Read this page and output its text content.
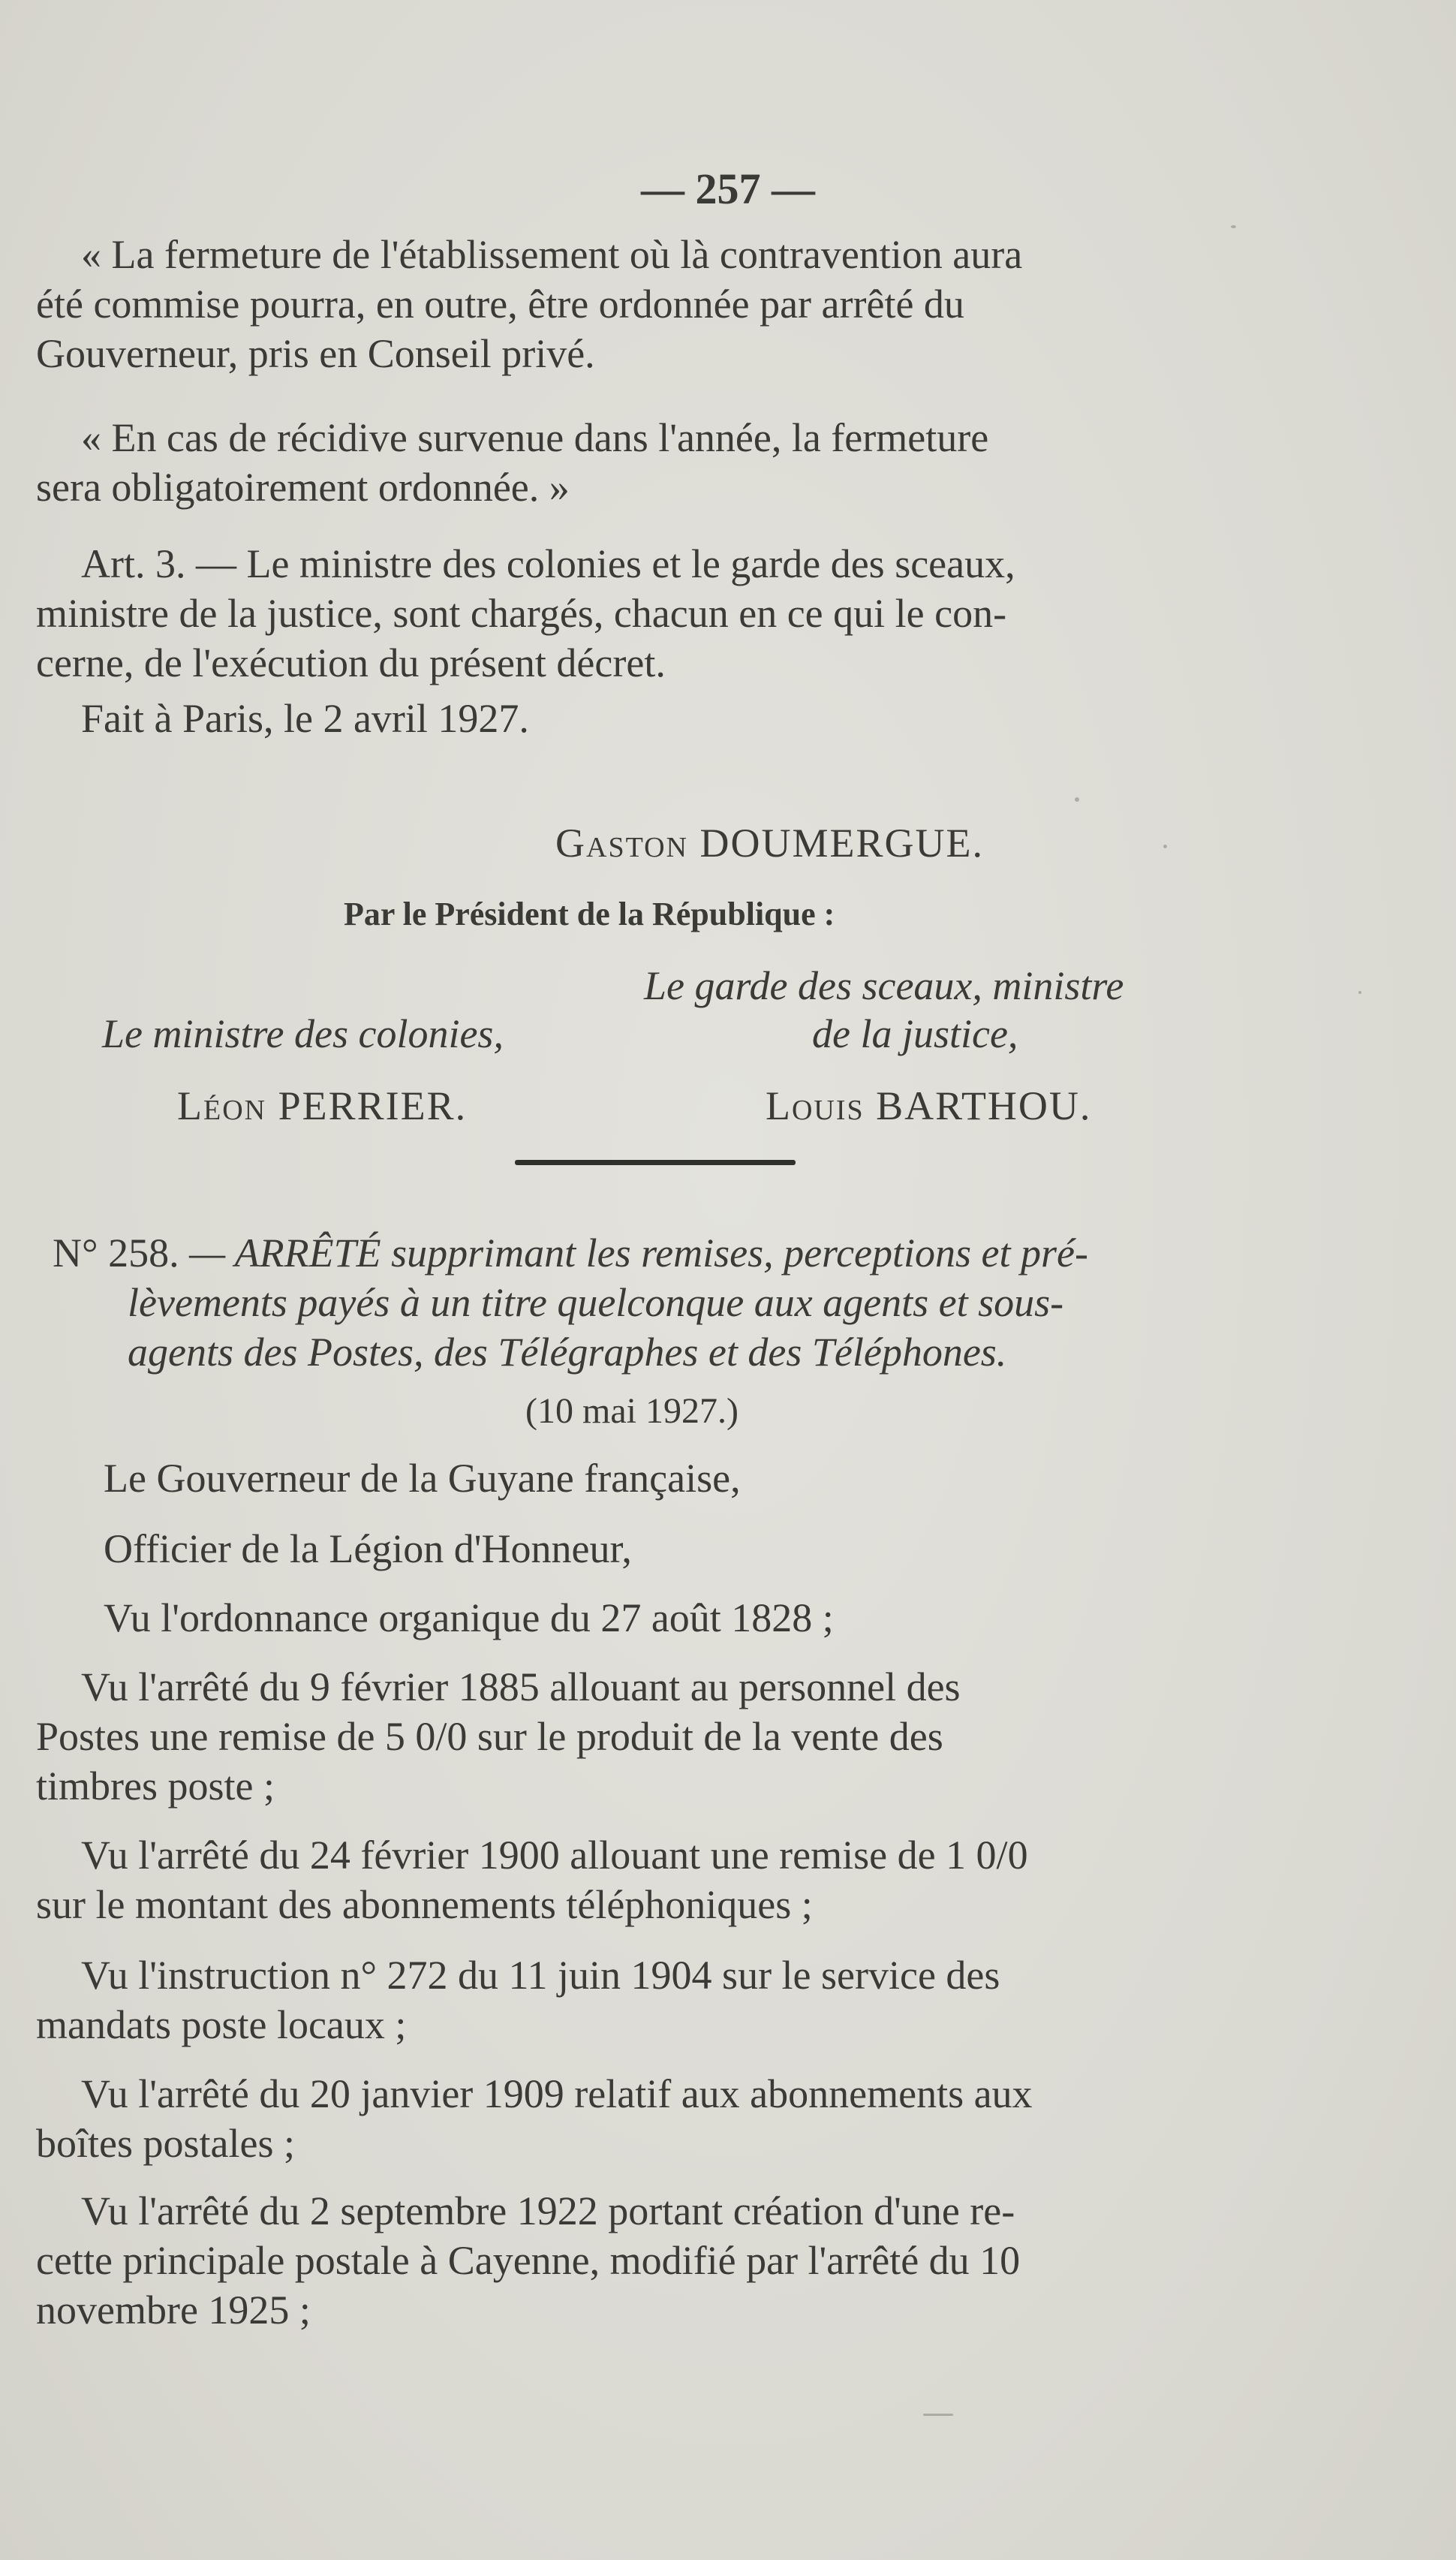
— 257 —
« La fermeture de l'établissement où là contravention aura
été commise pourra, en outre, être ordonnée par arrêté du
Gouverneur, pris en Conseil privé.
« En cas de récidive survenue dans l'année, la fermeture
sera obligatoirement ordonnée. »
Art. 3. — Le ministre des colonies et le garde des sceaux,
ministre de la justice, sont chargés, chacun en ce qui le con-
cerne, de l'exécution du présent décret.
Fait à Paris, le 2 avril 1927.
Gaston DOUMERGUE.
Par le Président de la République :
Le garde des sceaux, ministre
Le ministre des colonies,	de la justice,
Léon PERRIER.	Louis BARTHOU.
N° 258. — ARRÊTÉ supprimant les remises, perceptions et pré-
lèvements payés à un titre quelconque aux agents et sous-
agents des Postes, des Télégraphes et des Téléphones.
(10 mai 1927.)
Le Gouverneur de la Guyane française,
Officier de la Légion d'Honneur,
Vu l'ordonnance organique du 27 août 1828 ;
Vu l'arrêté du 9 février 1885 allouant au personnel des
Postes une remise de 5 0/0 sur le produit de la vente des
timbres poste ;
Vu l'arrêté du 24 février 1900 allouant une remise de 1 0/0
sur le montant des abonnements téléphoniques ;
Vu l'instruction n° 272 du 11 juin 1904 sur le service des
mandats poste locaux ;
Vu l'arrêté du 20 janvier 1909 relatif aux abonnements aux
boîtes postales ;
Vu l'arrêté du 2 septembre 1922 portant création d'une re-
cette principale postale à Cayenne, modifié par l'arrêté du 10
novembre 1925 ;
